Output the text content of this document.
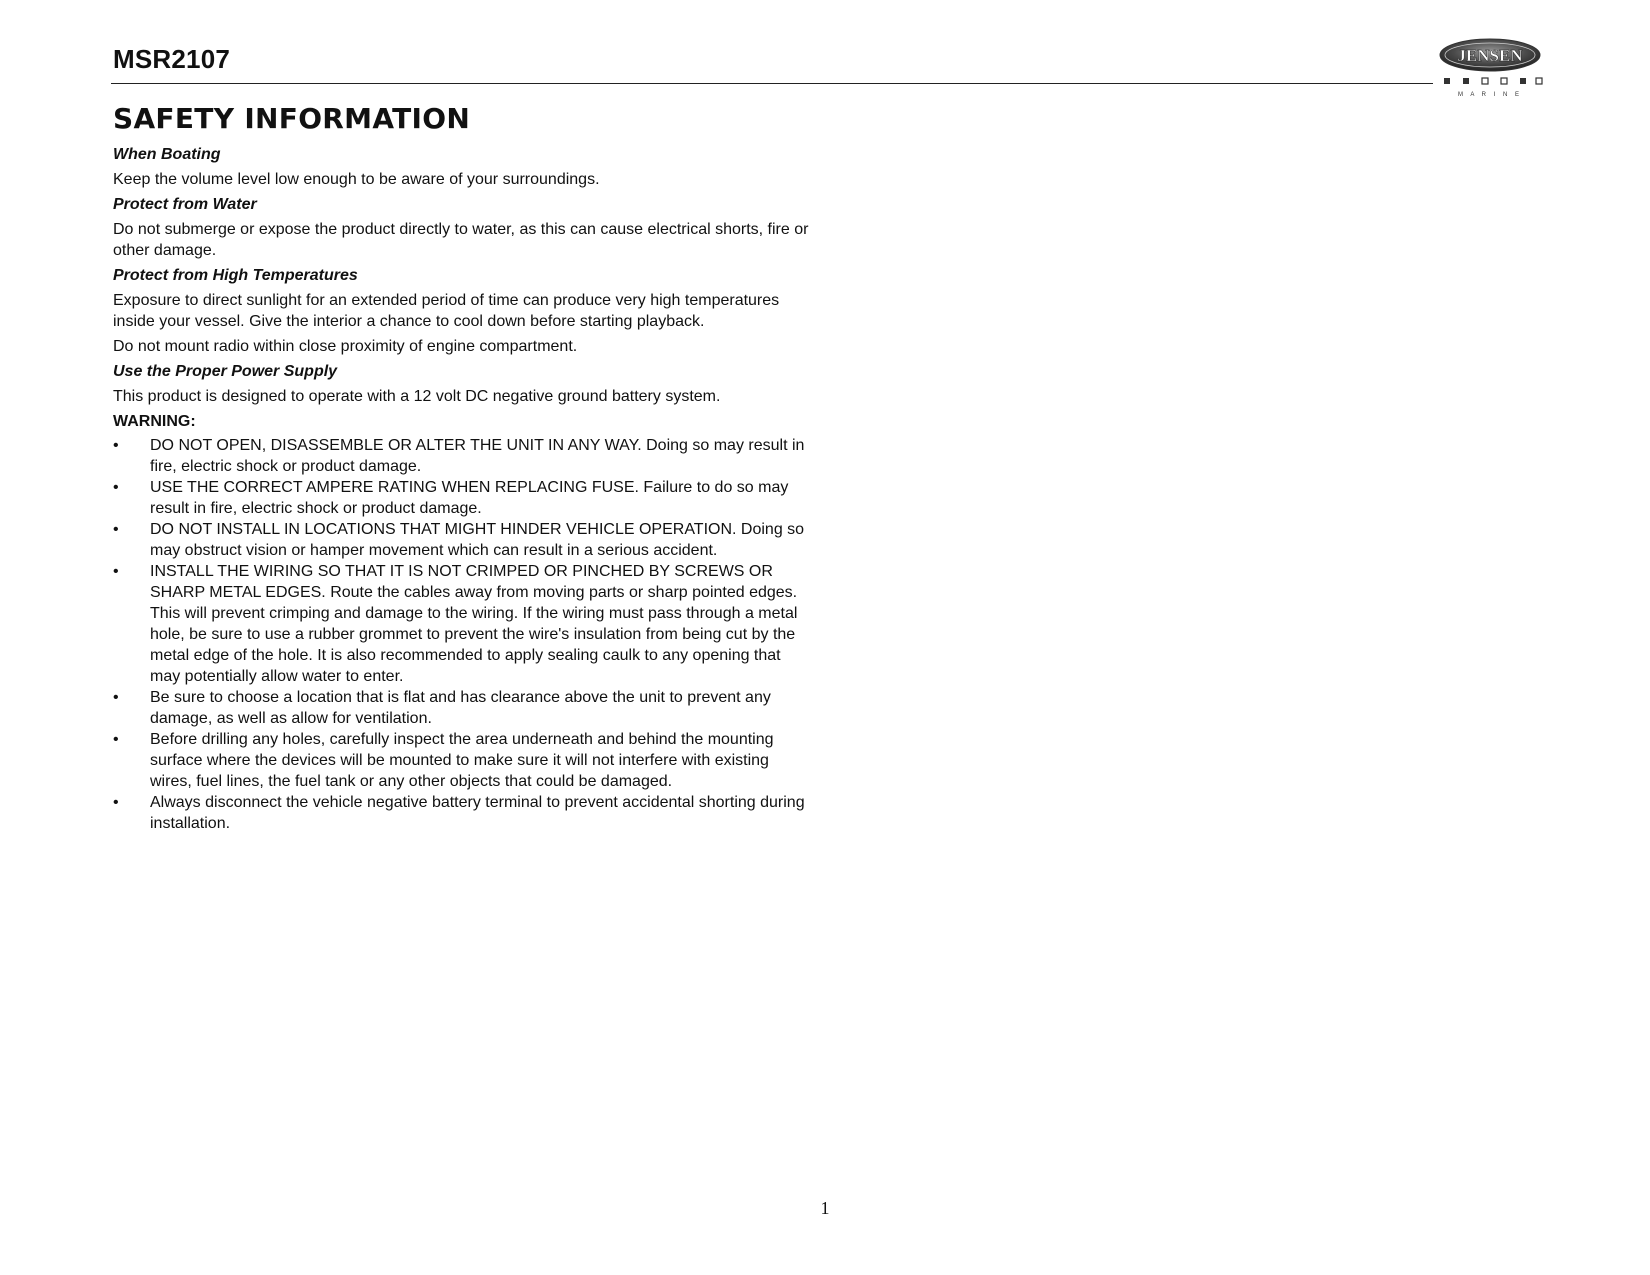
MSR2107	JENSEN
M A R I N E
SAFETY INFORMATION
When Boating

Keep the volume level low enough to be aware of your surroundings.

Protect from Water

Do not submerge or expose the product directly to water, as this can cause electrical shorts, fire or other damage.

Protect from High Temperatures

Exposure to direct sunlight for an extended period of time can produce very high temperatures inside your vessel. Give the interior a chance to cool down before starting playback.

Do not mount radio within close proximity of engine compartment.

Use the Proper Power Supply

This product is designed to operate with a 12 volt DC negative ground battery system.

WARNING:
• DO NOT OPEN, DISASSEMBLE OR ALTER THE UNIT IN ANY WAY. Doing so may result in fire, electric shock or product damage.
• USE THE CORRECT AMPERE RATING WHEN REPLACING FUSE. Failure to do so may result in fire, electric shock or product damage.
• DO NOT INSTALL IN LOCATIONS THAT MIGHT HINDER VEHICLE OPERATION. Doing so may obstruct vision or hamper movement which can result in a serious accident.
• INSTALL THE WIRING SO THAT IT IS NOT CRIMPED OR PINCHED BY SCREWS OR SHARP METAL EDGES. Route the cables away from moving parts or sharp pointed edges. This will prevent crimping and damage to the wiring. If the wiring must pass through a metal hole, be sure to use a rubber grommet to prevent the wire's insulation from being cut by the metal edge of the hole. It is also recommended to apply sealing caulk to any opening that may potentially allow water to enter.
• Be sure to choose a location that is flat and has clearance above the unit to prevent any damage, as well as allow for ventilation.
• Before drilling any holes, carefully inspect the area underneath and behind the mounting surface where the devices will be mounted to make sure it will not interfere with existing wires, fuel lines, the fuel tank or any other objects that could be damaged.
• Always disconnect the vehicle negative battery terminal to prevent accidental shorting during installation.
1
